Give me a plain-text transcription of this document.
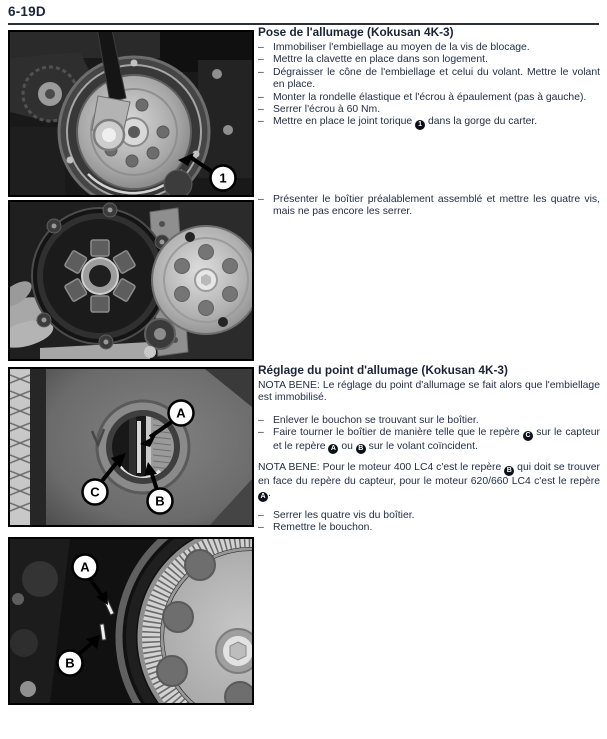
6-19D
1
A
C
B
A
B
Pose de l'allumage (Kokusan 4K-3)
– Immobiliser l'embiellage au moyen de la vis de blocage.
– Mettre la clavette en place dans son logement.
– Dégraisser le cône de l'embiellage et celui du volant. Mettre le volant en place.
– Monter la rondelle élastique et l'écrou à épaulement (pas à gauche).
– Serrer l'écrou à 60 Nm.
– Mettre en place le joint torique 1 dans la gorge du carter.
– Présenter le boîtier préalablement assemblé et mettre les quatre vis, mais ne pas encore les serrer.
Réglage du point d'allumage (Kokusan 4K-3)

NOTA BENE: Le réglage du point d'allumage se fait alors que l'embiellage est immobilisé.

– Enlever le bouchon se trouvant sur le boîtier.
– Faire tourner le boîtier de manière telle que le repère C sur le capteur et le repère A ou B sur le volant coïncident.

NOTA BENE: Pour le moteur 400 LC4 c'est le repère B qui doit se trouver en face du repère du capteur, pour le moteur 620/660 LC4 c'est le repère A .

– Serrer les quatre vis du boîtier.
– Remettre le bouchon.
